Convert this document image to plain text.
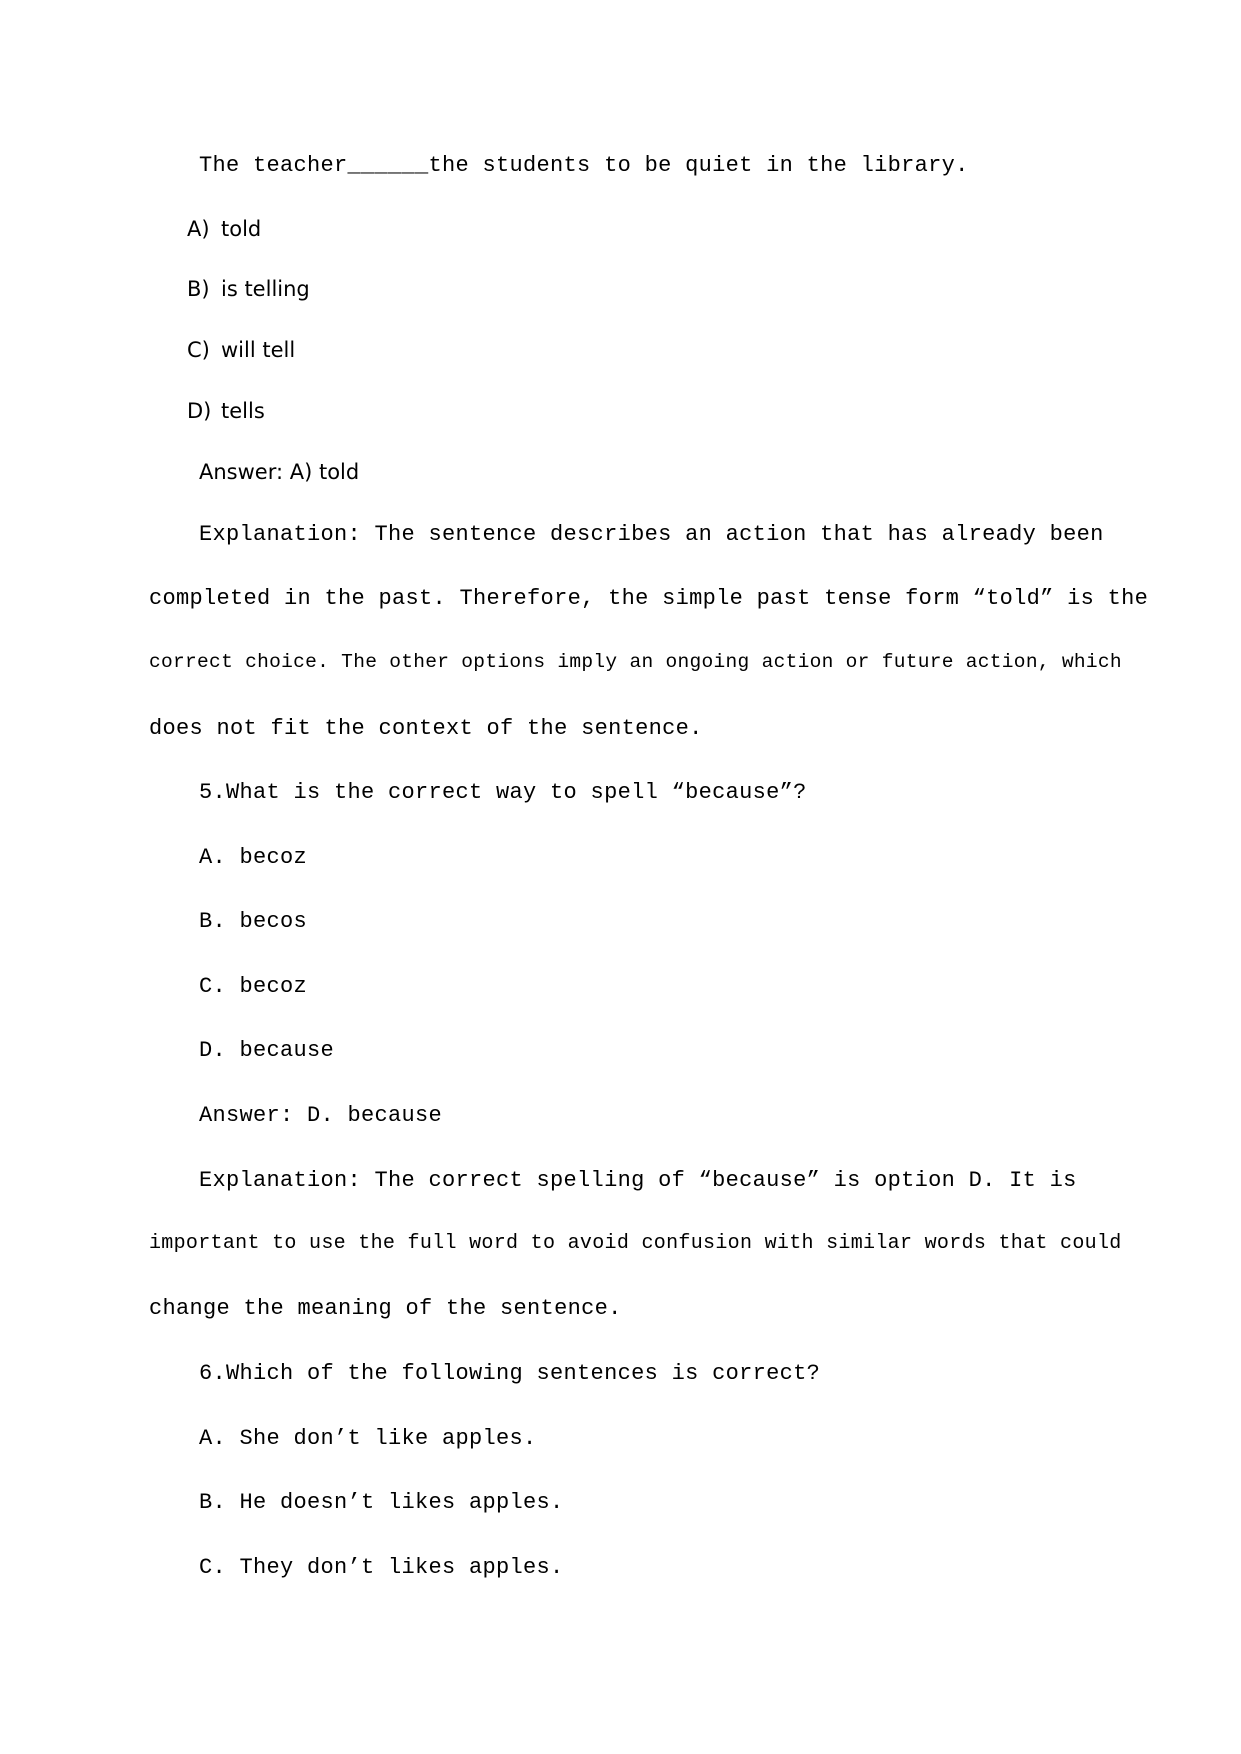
The teacher______the students to be quiet in the library.
A) told
B) is telling
C) will tell
D) tells
Answer: A) told
Explanation: The sentence describes an action that has already been
completed in the past. Therefore, the simple past tense form “told” is the
correct choice. The other options imply an ongoing action or future action, which
does not fit the context of the sentence.
5.What is the correct way to spell “because”?
A. becoz
B. becos
C. becoz
D. because
Answer: D. because
Explanation: The correct spelling of “because” is option D. It is
important to use the full word to avoid confusion with similar words that could
change the meaning of the sentence.
6.Which of the following sentences is correct?
A. She don’t like apples.
B. He doesn’t likes apples.
C. They don’t likes apples.
